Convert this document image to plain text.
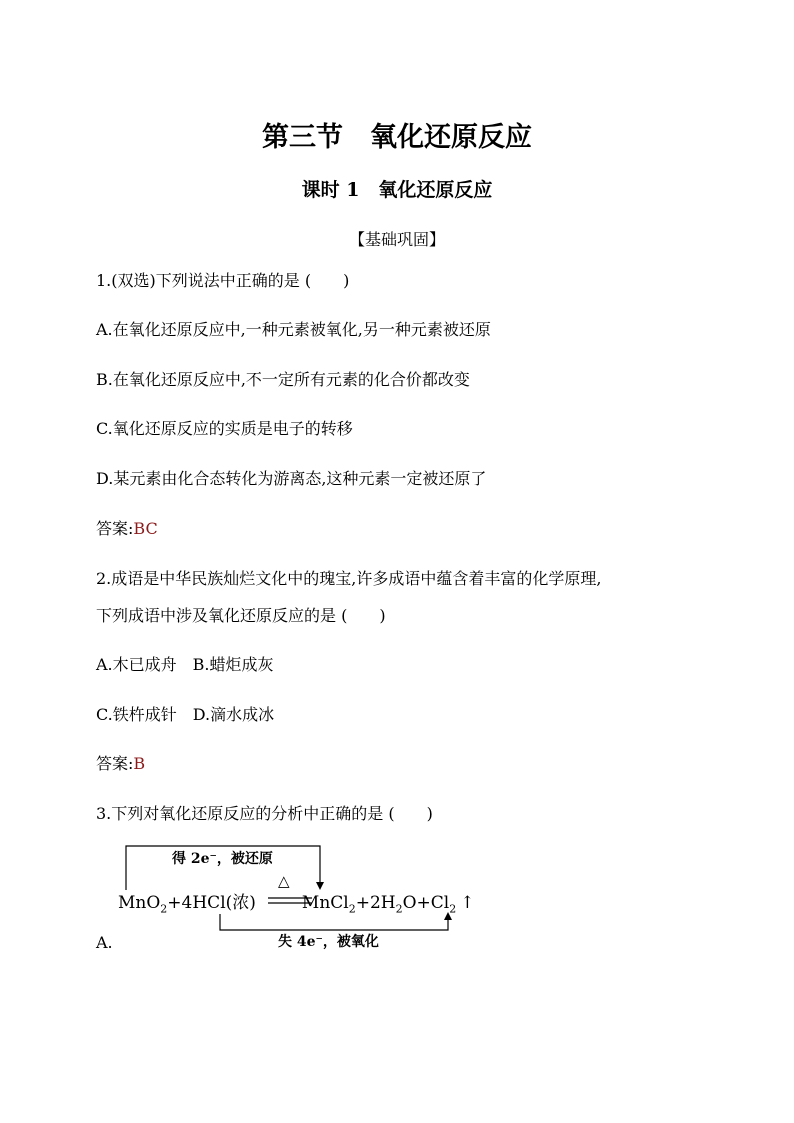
第三节　氧化还原反应
课时 1　氧化还原反应
【基础巩固】
1.(双选)下列说法中正确的是 (　　)
A.在氧化还原反应中,一种元素被氧化,另一种元素被还原
B.在氧化还原反应中,不一定所有元素的化合价都改变
C.氧化还原反应的实质是电子的转移
D.某元素由化合态转化为游离态,这种元素一定被还原了
答案:BC
2.成语是中华民族灿烂文化中的瑰宝,许多成语中蕴含着丰富的化学原理,
下列成语中涉及氧化还原反应的是 (　　)
A.木已成舟　B.蜡炬成灰
C.铁杵成针　D.滴水成冰
答案:B
3.下列对氧化还原反应的分析中正确的是 (　　)
得 2e⁻，被还原
△
MnO$_2$+4HCl(浓)	$MnCl_2+2H_2O+Cl_2$ ↑
失 4e⁻，被氧化
A.
